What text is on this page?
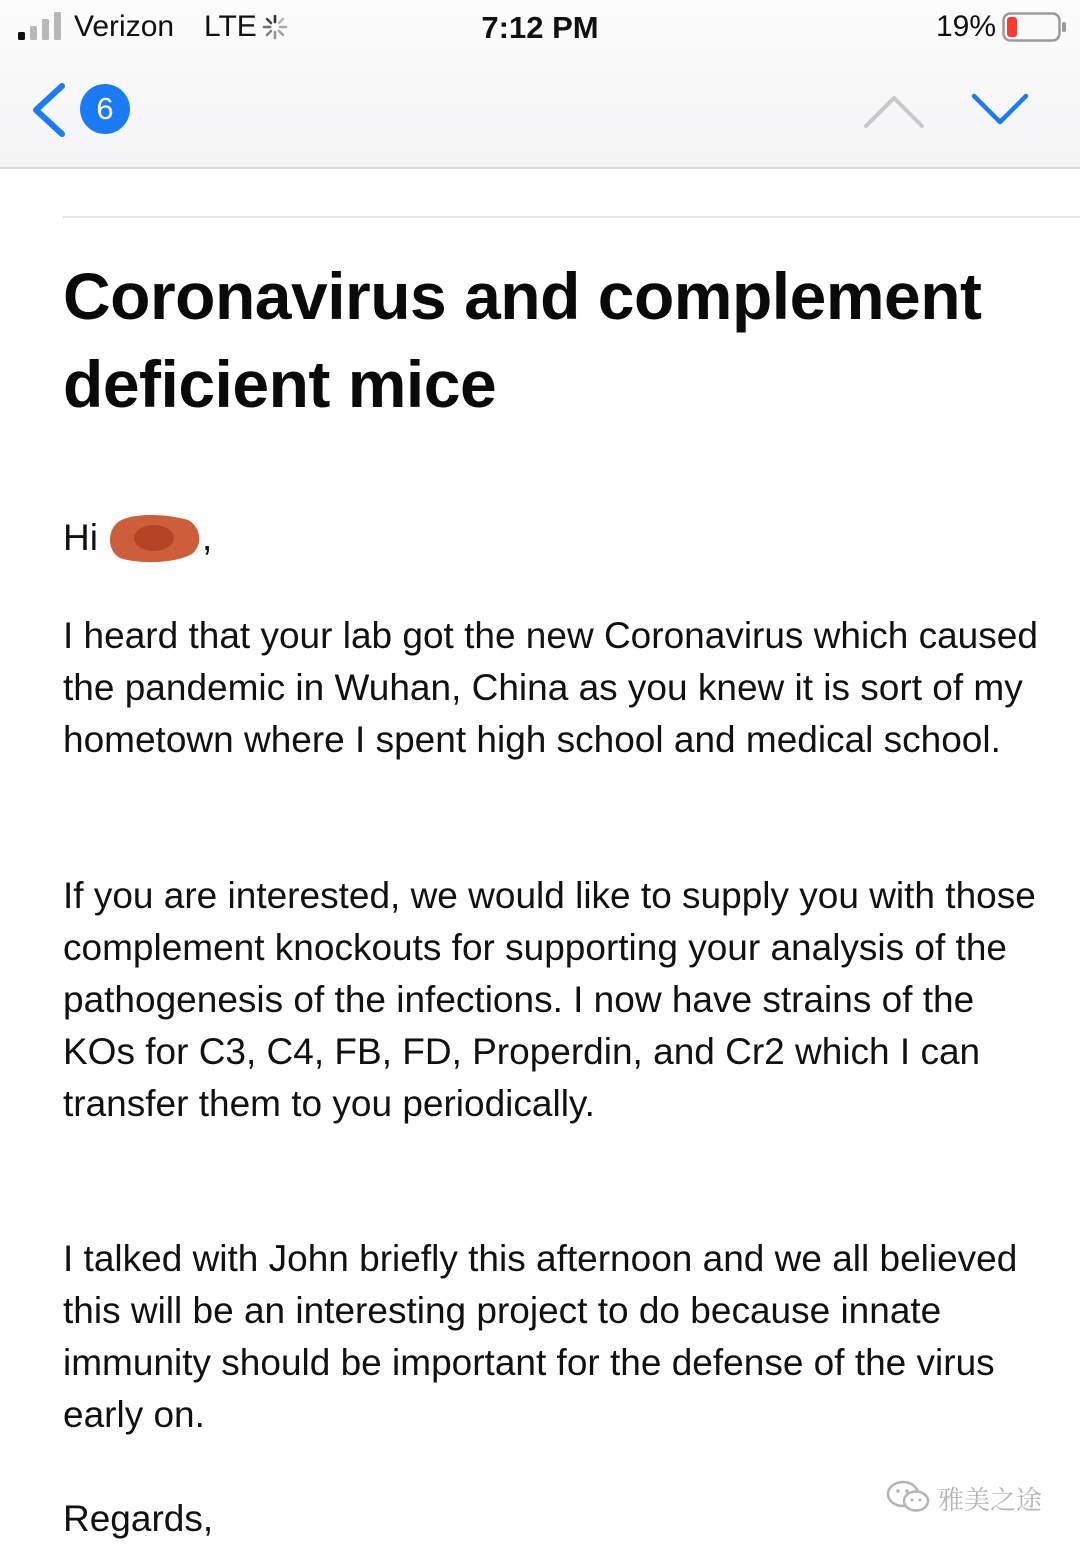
Verizon LTE	7:12 PM	19%
6
Coronavirus and complement deficient mice
Hi	,

I heard that your lab got the new Coronavirus which caused the pandemic in Wuhan, China as you knew it is sort of my hometown where I spent high school and medical school.

If you are interested, we would like to supply you with those complement knockouts for supporting your analysis of the pathogenesis of the infections. I now have strains of the KOs for C3, C4, FB, FD, Properdin, and Cr2 which I can transfer them to you periodically.

I talked with John briefly this afternoon and we all believed this will be an interesting project to do because innate immunity should be important for the defense of the virus early on.

Regards,	雅美之途
